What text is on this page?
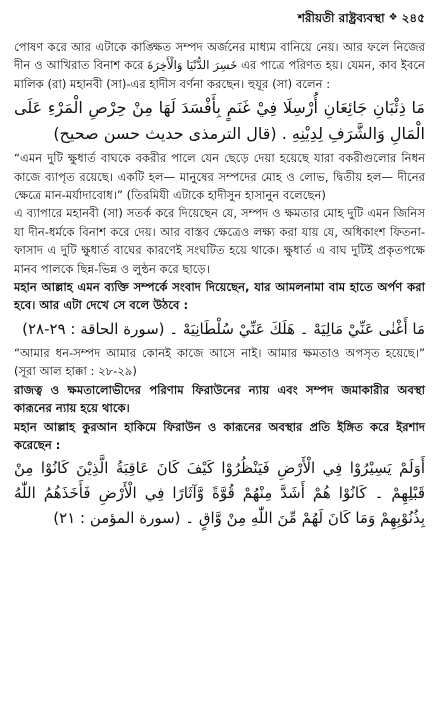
শরীয়তী রাষ্ট্রব্যবস্থা ❖ ২৪৫

পোষণ করে আর এটাকে কাঙ্ক্ষিত সম্পদ অর্জনের মাধ্যম বানিয়ে নেয়। আর ফলে নিজের দীন ও আখিরাত বিনাশ করে خَسِرَ الدُّنْيَا وَالْأَخِرَةَ এর পাত্রে পরিণত হয়। যেমন, কাব ইবনে মালিক (রা) মহানবী (সা)-এর হাদীস বর্ণনা করছেন। হুযূর (সা) বলেন :

مَا ذِئْبَانِ جَائِعَانِ أُرْسِلَا فِيْ غَنَمٍ بِأَفْسَدَ لَهَا مِنْ حِرْصِ الْمَرْءِ عَلَى الْمَالِ وَالشَّرَفِ لِدِيْنِهِ . (قال الترمذى حديث حسن صحيح)

“এমন দুটি ক্ষুধার্ত বাঘকে বকরীর পালে যেন ছেড়ে দেয়া হয়েছে যারা বকরীগুলোর নিধন কাজে ব্যাপৃত রয়েছে। একটি হল— মানুষের সম্পদের মোহ ও লোভ, দ্বিতীয় হল— দীনের ক্ষেত্রে মান-মর্যাদাবোধ।” (তিরমিযী এটাকে হাদীসুন হাসানুন বলেছেন)

এ ব্যাপারে মহানবী (সা) সতর্ক করে দিয়েছেন যে, সম্পদ ও ক্ষমতার মোহ দুটি এমন জিনিস যা দীন-ধর্মকে বিনাশ করে দেয়। আর বাস্তব ক্ষেত্রেও লক্ষ্য করা যায় যে, অধিকাংশ ফিতনা-ফাসাদ এ দুটি ক্ষুধার্ত বাঘের কারণেই সংঘটিত হয়ে থাকে। ক্ষুধার্ত এ বাঘ দুটিই প্রকৃতপক্ষে মানব পালকে ছিন্ন-ভিন্ন ও লুন্ঠন করে ছাড়ে।

মহান আল্লাহ এমন ব্যক্তি সম্পর্কে সংবাদ দিয়েছেন, যার আমলনামা বাম হাতে অর্পণ করা হবে। আর এটা দেখে সে বলে উঠবে :

مَا أَغْنٰى عَنِّيْ مَالِيَهْ ۔ هَلَكَ عَنِّيْ سُلْطَانِيَهْ ۔ (سورة الحاقة : ٢٩-٢٨)

“আমার ধন-সম্পদ আমার কোনই কাজে আসে নাই। আমার ক্ষমতাও অপসৃত হয়েছে।” (সূরা আল হাক্কা : ২৮-২৯)

রাজত্ব ও ক্ষমতালোভীদের পরিণাম ফিরাউনের ন্যায় এবং সম্পদ জমাকারীর অবস্থা কারূনের ন্যায় হয়ে থাকে।

মহান আল্লাহ কুরআন হাকিমে ফিরাউন ও কারূনের অবস্থার প্রতি ইঙ্গিত করে ইরশাদ করেছেন :

أَوَلَمْ يَسِيْرُوْا فِي الْأَرْضِ فَيَنْظُرُوْا كَيْفَ كَانَ عَاقِبَةُ الَّذِيْنَ كَانُوْا مِنْ قَبْلِهِمْ ۔ كَانُوْا هُمْ أَشَدَّ مِنْهُمْ قُوَّةً وَّآثَارًا فِي الْأَرْضِ فَأَخَذَهُمُ اللّٰهُ بِذُنُوْبِهِمْ وَمَا كَانَ لَهُمْ مِّنَ اللّٰهِ مِنْ وَّاقٍ ۔ (سورة المؤمن : ٢١)
